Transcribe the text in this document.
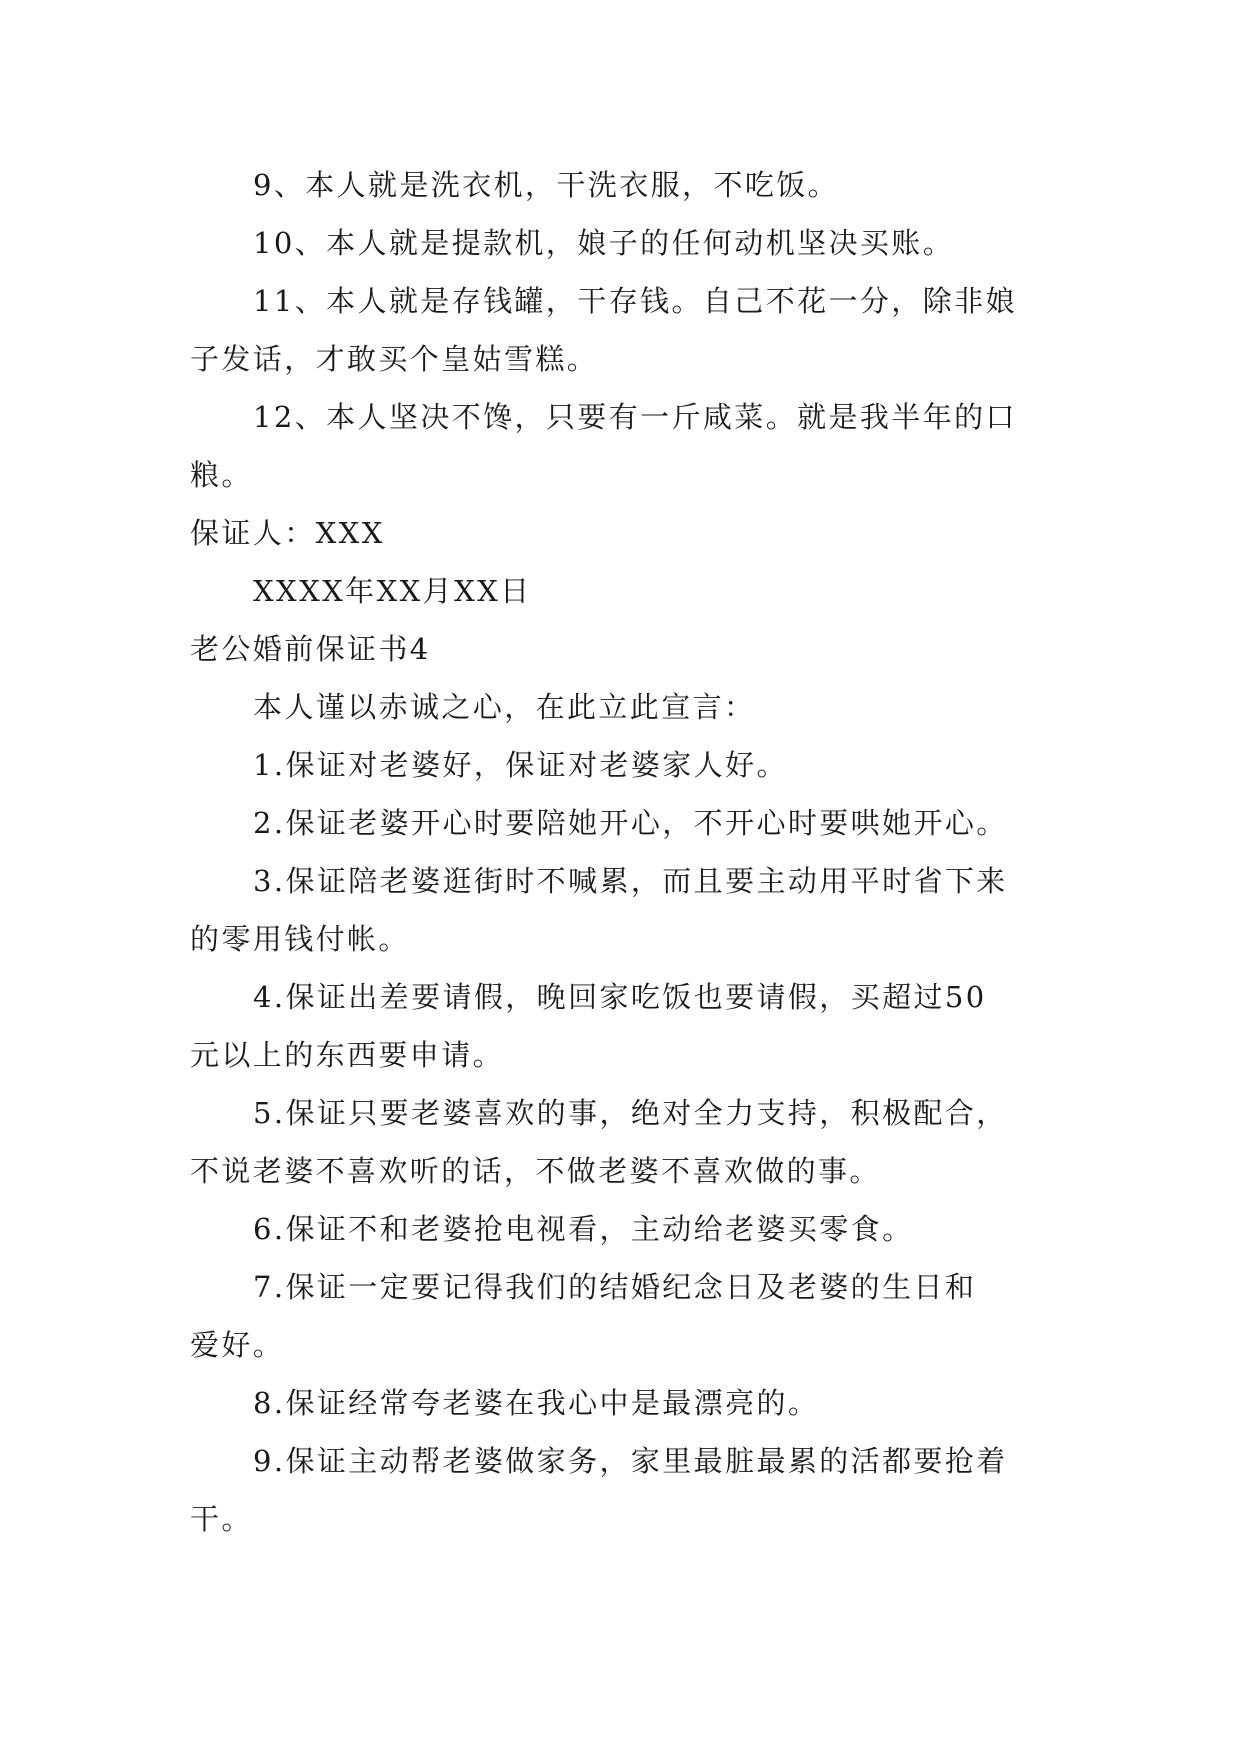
9、本人就是洗衣机，干洗衣服，不吃饭。
10、本人就是提款机，娘子的任何动机坚决买账。
11、本人就是存钱罐，干存钱。自己不花一分，除非娘
子发话，才敢买个皇姑雪糕。
12、本人坚决不馋，只要有一斤咸菜。就是我半年的口
粮。
保证人：XXX
XXXX年XX月XX日
老公婚前保证书4
本人谨以赤诚之心，在此立此宣言：
1.保证对老婆好，保证对老婆家人好。
2.保证老婆开心时要陪她开心，不开心时要哄她开心。
3.保证陪老婆逛街时不喊累，而且要主动用平时省下来
的零用钱付帐。
4.保证出差要请假，晚回家吃饭也要请假，买超过50
元以上的东西要申请。
5.保证只要老婆喜欢的事，绝对全力支持，积极配合，
不说老婆不喜欢听的话，不做老婆不喜欢做的事。
6.保证不和老婆抢电视看，主动给老婆买零食。
7.保证一定要记得我们的结婚纪念日及老婆的生日和
爱好。
8.保证经常夸老婆在我心中是最漂亮的。
9.保证主动帮老婆做家务，家里最脏最累的活都要抢着
干。
